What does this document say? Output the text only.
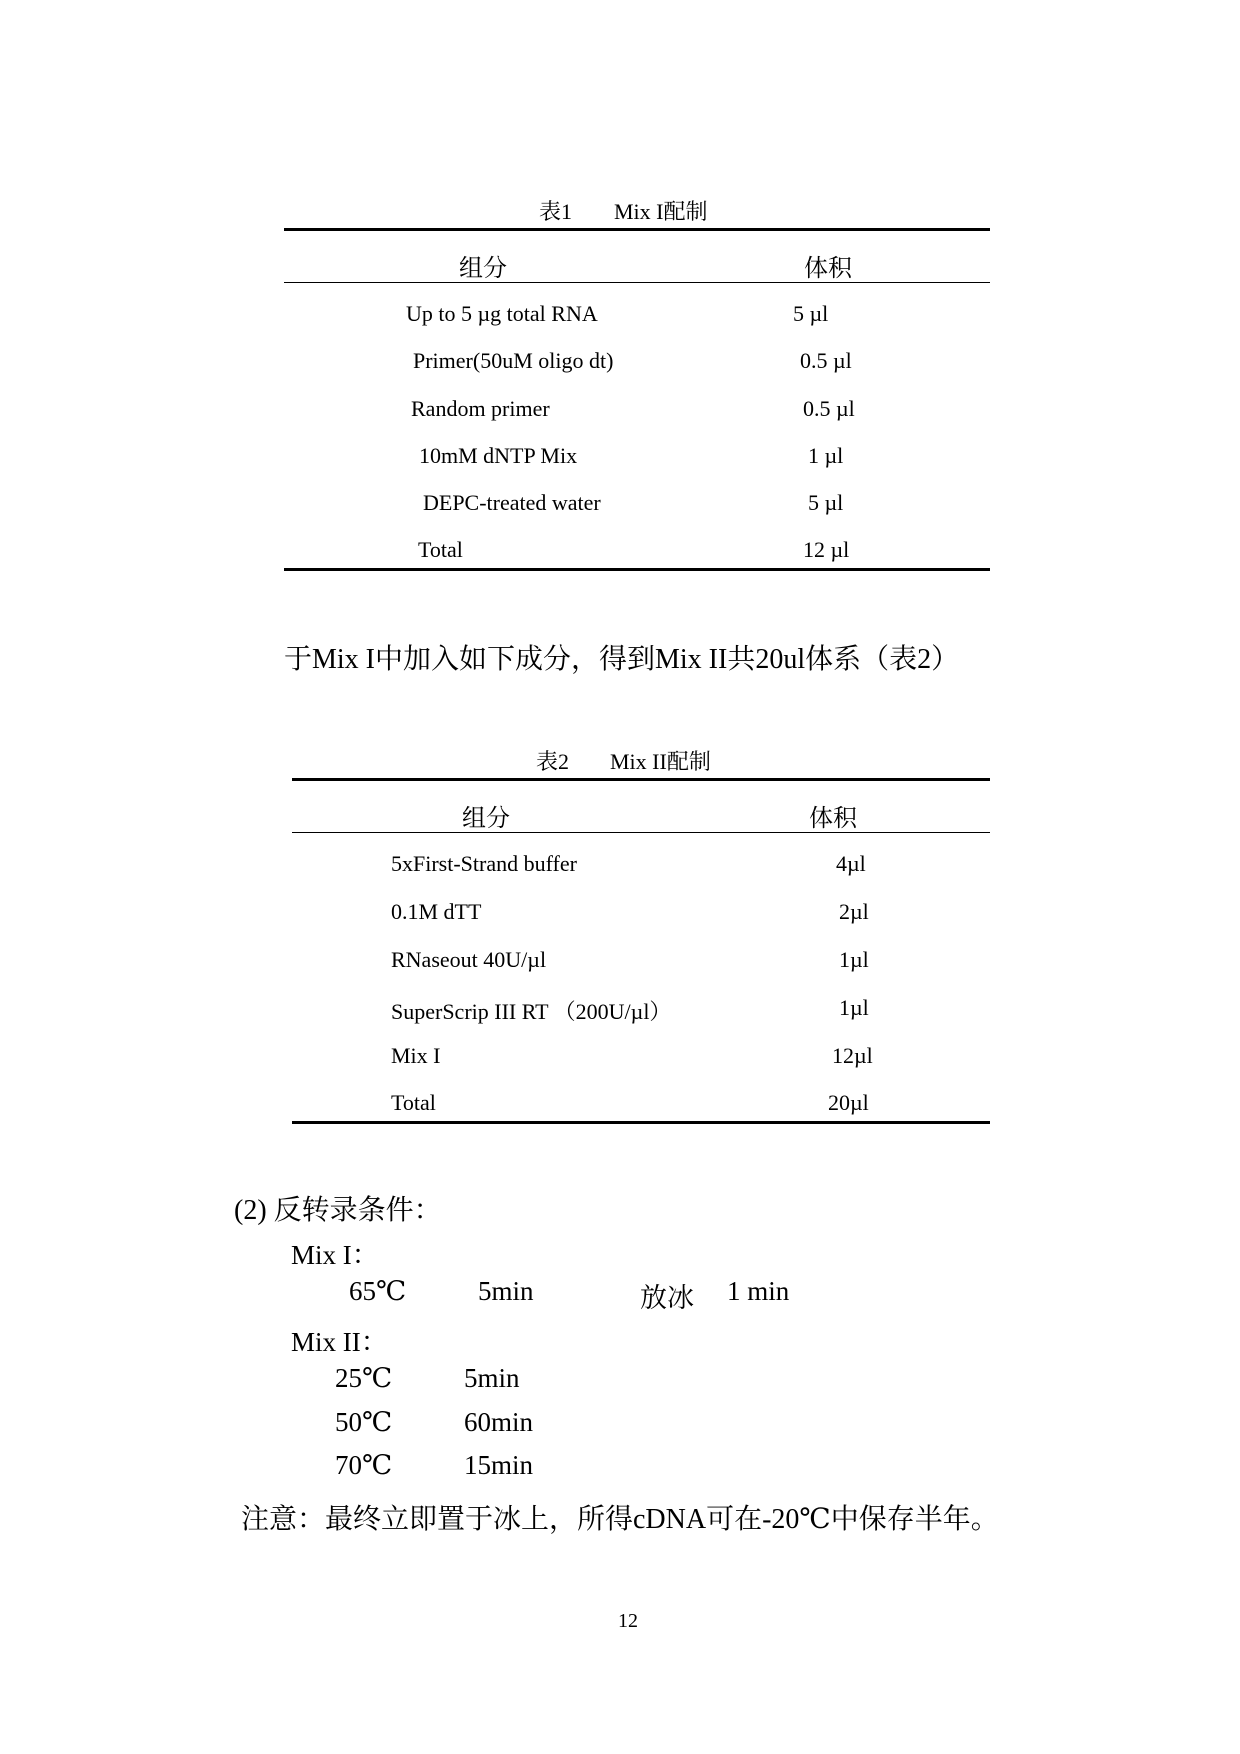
表1 Mix I配制
组分	体积
Up to 5 µg total RNA	5 µl
Primer(50uM oligo dt)	0.5 µl
Random primer	0.5 µl
10mM dNTP Mix	1 µl
DEPC-treated water	5 µl
Total	12 µl
于Mix I中加入如下成分，得到Mix II共20ul体系（表2）
表2 Mix II配制
组分	体积
5xFirst-Strand buffer	4µl
0.1M dTT	2µl
RNaseout 40U/µl	1µl
SuperScrip III RT （200U/µl）	1µl
Mix I	12µl
Total	20µl
(2) 反转录条件：
Mix I：
65℃	5min	放冰 1 min
Mix II：
25℃	5min
50℃	60min
70℃	15min
注意：最终立即置于冰上，所得cDNA可在-20℃中保存半年。
12
